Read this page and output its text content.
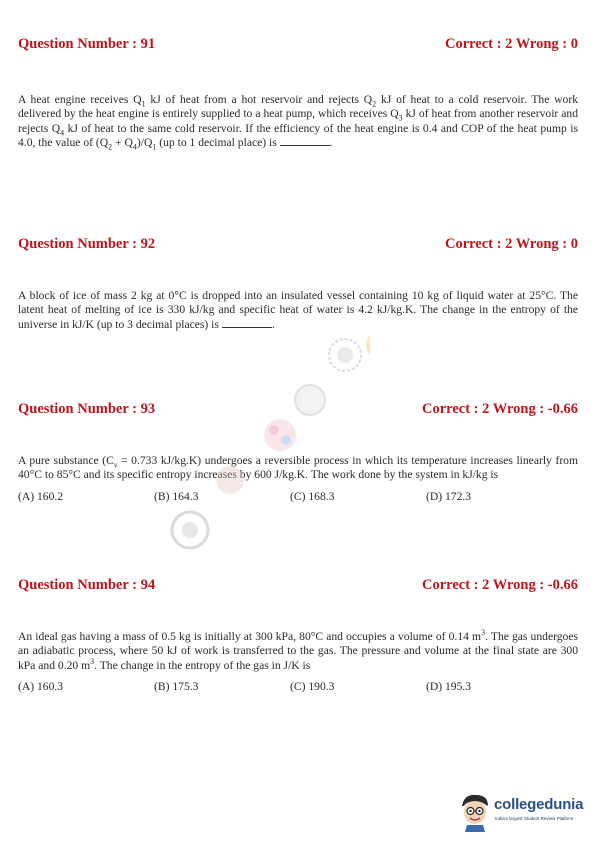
Question Number : 91	Correct : 2 Wrong : 0
A heat engine receives $Q_1$ kJ of heat from a hot reservoir and rejects $Q_2$ kJ of heat to a cold reservoir. The work delivered by the heat engine is entirely supplied to a heat pump, which receives $Q_3$ kJ of heat from another reservoir and rejects $Q_4$ kJ of heat to the same cold reservoir. If the efficiency of the heat engine is 0.4 and COP of the heat pump is 4.0, the value of $(Q_2 + Q_4)/Q_1$ (up to 1 decimal place) is	.
Question Number : 92	Correct : 2 Wrong : 0
A block of ice of mass 2 kg at 0°C is dropped into an insulated vessel containing 10 kg of liquid water at 25°C. The latent heat of melting of ice is 330 kJ/kg and specific heat of water is 4.2 kJ/kg.K. The change in the entropy of the universe in kJ/K (up to 3 decimal places) is	.
Question Number : 93	Correct : 2 Wrong : -0.66
A pure substance ($C_v = 0.733$ kJ/kg.K) undergoes a reversible process in which its temperature increases linearly from 40°C to 85°C and its specific entropy increases by 600 J/kg.K. The work done by the system in kJ/kg is
(A) 160.2	(B) 164.3	(C) 168.3	(D) 172.3
Question Number : 94	Correct : 2 Wrong : -0.66
An ideal gas having a mass of 0.5 kg is initially at 300 kPa, 80°C and occupies a volume of 0.14 $m^3$. The gas undergoes an adiabatic process, where 50 kJ of work is transferred to the gas. The pressure and volume at the final state are 300 kPa and 0.20 $m^3$. The change in the entropy of the gas in J/K is
(A) 160.3	(B) 175.3	(C) 190.3	(D) 195.3
collegedunia
India's largest Student Review Platform
